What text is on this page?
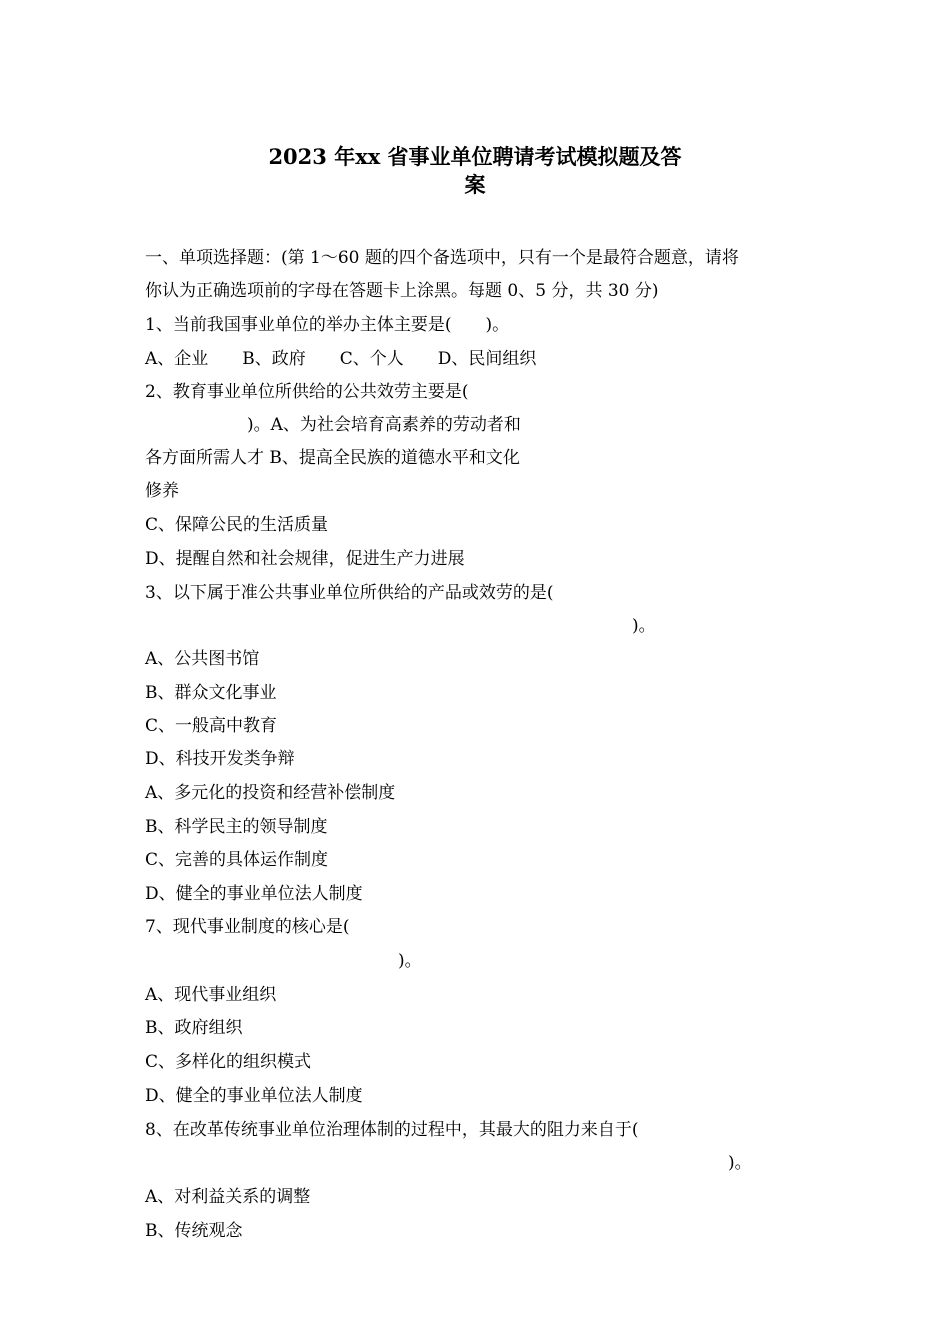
2023 年xx 省事业单位聘请考试模拟题及答
案
一、单项选择题：(第 1～60 题的四个备选项中，只有一个是最符合题意，请将
你认为正确选项前的字母在答题卡上涂黑。每题 0、5 分，共 30 分)
1、当前我国事业单位的举办主体主要是(　　)。
A、企业　　B、政府　　C、个人　　D、民间组织
2、教育事业单位所供给的公共效劳主要是(
　　　　　　)。A、为社会培育高素养的劳动者和
各方面所需人才 B、提高全民族的道德水平和文化
修养
C、保障公民的生活质量
D、提醒自然和社会规律，促进生产力进展
3、以下属于准公共事业单位所供给的产品或效劳的是(
)。
A、公共图书馆
B、群众文化事业
C、一般高中教育
D、科技开发类争辩
A、多元化的投资和经营补偿制度
B、科学民主的领导制度
C、完善的具体运作制度
D、健全的事业单位法人制度
7、现代事业制度的核心是(
)。
A、现代事业组织
B、政府组织
C、多样化的组织模式
D、健全的事业单位法人制度
8、在改革传统事业单位治理体制的过程中，其最大的阻力来自于(
)。
A、对利益关系的调整
B、传统观念
